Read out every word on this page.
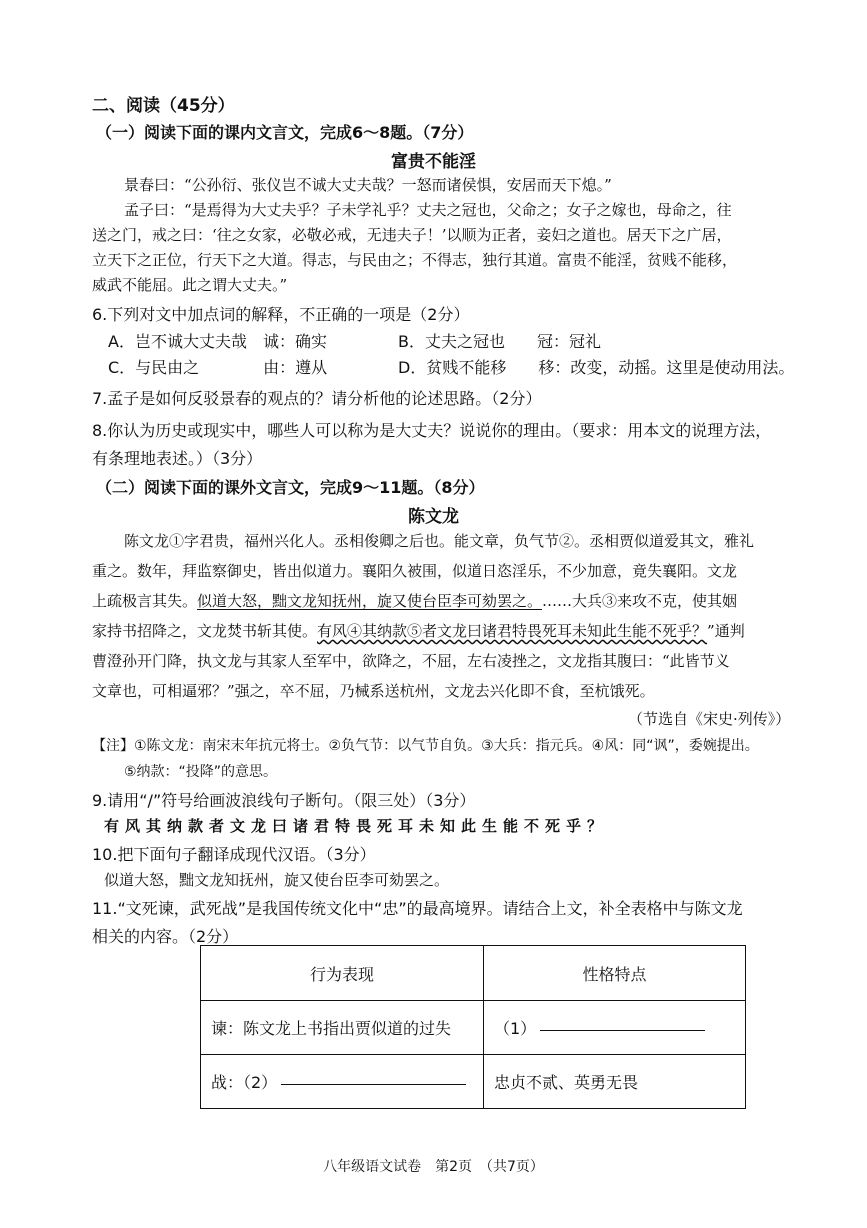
二、阅读（45分）
（一）阅读下面的课内文言文，完成6～8题。（7分）
富贵不能淫
景春曰：“公孙衍、张仪岂不诚大丈夫哉？一怒而诸侯惧，安居而天下熄。”
孟子曰：“是焉得为大丈夫乎？子未学礼乎？丈夫之冠也，父命之；女子之嫁也，母命之，往
送之门，戒之曰：‘往之女家，必敬必戒，无违夫子！’以顺为正者，妾妇之道也。居天下之广居，
立天下之正位，行天下之大道。得志，与民由之；不得志，独行其道。富贵不能淫，贫贱不能移，
威武不能屈。此之谓大丈夫。”
6.下列对文中加点词的解释，不正确的一项是（2分）
A．岂不诚大丈夫哉　诚：确实	B．丈夫之冠也　　冠：冠礼
C．与民由之　　　　由：遵从	D．贫贱不能移　　移：改变，动摇。这里是使动用法。
7.孟子是如何反驳景春的观点的？请分析他的论述思路。（2分）
8.你认为历史或现实中，哪些人可以称为是大丈夫？说说你的理由。（要求：用本文的说理方法，
有条理地表述。）（3分）
（二）阅读下面的课外文言文，完成9～11题。（8分）
陈文龙
陈文龙①字君贵，福州兴化人。丞相俊卿之后也。能文章，负气节②。丞相贾似道爱其文，雅礼
重之。数年，拜监察御史，皆出似道力。襄阳久被围，似道日恣淫乐，不少加意，竟失襄阳。文龙
上疏极言其失。似道大怒，黜文龙知抚州，旋又使台臣李可劾罢之。……大兵③来攻不克，使其姻
家持书招降之，文龙焚书斩其使。有风④其纳款⑤者文龙曰诸君特畏死耳未知此生能不死乎？”通判
曹澄孙开门降，执文龙与其家人至军中，欲降之，不屈，左右凌挫之，文龙指其腹曰：“此皆节义
文章也，可相逼邪？”强之，卒不屈，乃械系送杭州，文龙去兴化即不食，至杭饿死。
（节选自《宋史·列传》）
【注】①陈文龙：南宋末年抗元将士。②负气节：以气节自负。③大兵：指元兵。④风：同“讽”，委婉提出。
⑤纳款：“投降”的意思。
9.请用“/”符号给画波浪线句子断句。（限三处）（3分）
有风其纳款者文龙曰诸君特畏死耳未知此生能不死乎？
10.把下面句子翻译成现代汉语。（3分）
似道大怒，黜文龙知抚州，旋又使台臣李可劾罢之。
11.“文死谏，武死战”是我国传统文化中“忠”的最高境界。请结合上文，补全表格中与陈文龙
相关的内容。（2分）
行为表现	性格特点
谏：陈文龙上书指出贾似道的过失	（1）
战：（2）	忠贞不贰、英勇无畏
八年级语文试卷　第2页　（共7页）
